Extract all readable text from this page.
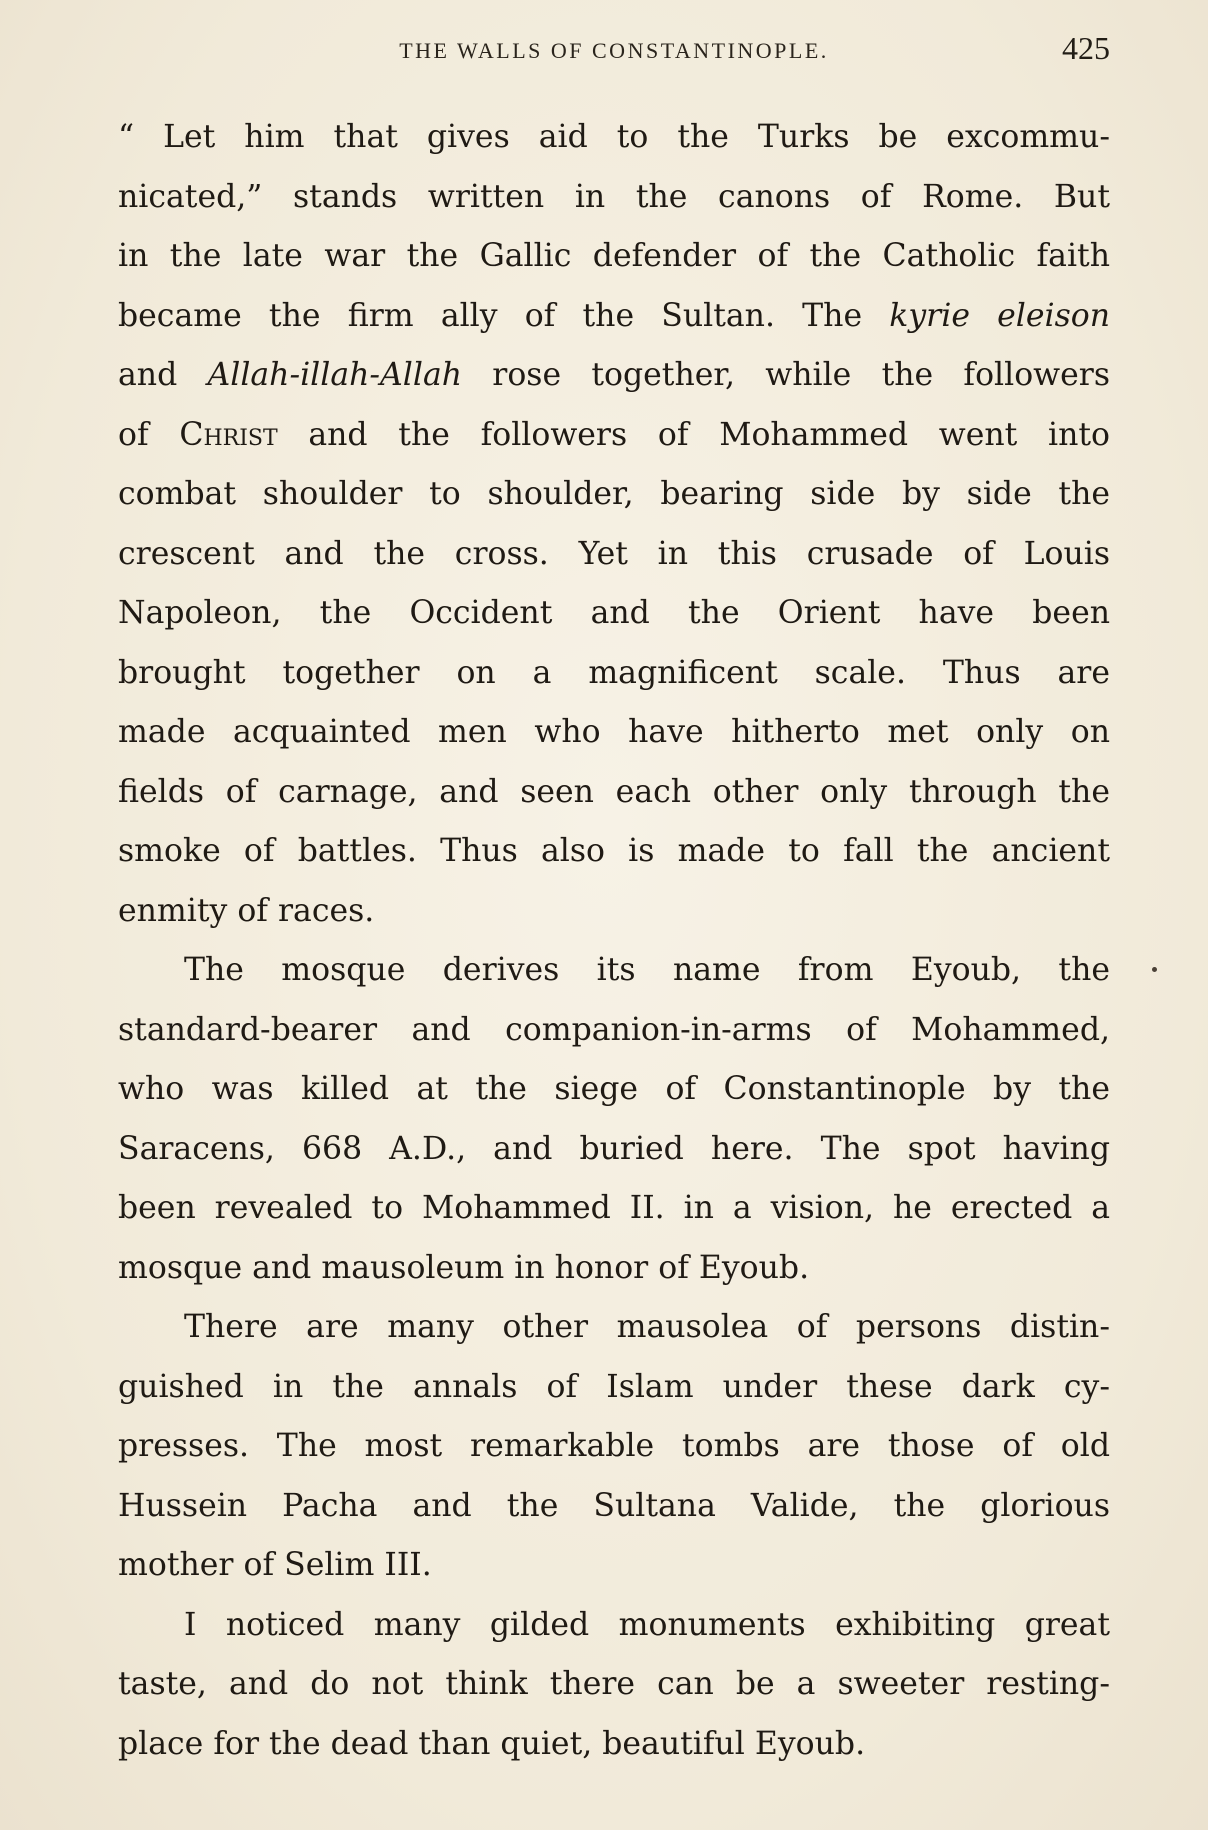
THE WALLS OF CONSTANTINOPLE.	425
“ Let him that gives aid to the Turks be excommu-
nicated,” stands written in the canons of Rome. But
in the late war the Gallic defender of the Catholic faith
became the firm ally of the Sultan. The kyrie eleison
and Allah-illah-Allah rose together, while the followers
of Christ and the followers of Mohammed went into
combat shoulder to shoulder, bearing side by side the
crescent and the cross. Yet in this crusade of Louis
Napoleon, the Occident and the Orient have been
brought together on a magnificent scale. Thus are
made acquainted men who have hitherto met only on
fields of carnage, and seen each other only through the
smoke of battles. Thus also is made to fall the ancient
enmity of races.
The mosque derives its name from Eyoub, the
standard-bearer and companion-in-arms of Mohammed,
who was killed at the siege of Constantinople by the
Saracens, 668 A.D., and buried here. The spot having
been revealed to Mohammed II. in a vision, he erected a
mosque and mausoleum in honor of Eyoub.
There are many other mausolea of persons distin-
guished in the annals of Islam under these dark cy-
presses. The most remarkable tombs are those of old
Hussein Pacha and the Sultana Valide, the glorious
mother of Selim III.
I noticed many gilded monuments exhibiting great
taste, and do not think there can be a sweeter resting-
place for the dead than quiet, beautiful Eyoub.
